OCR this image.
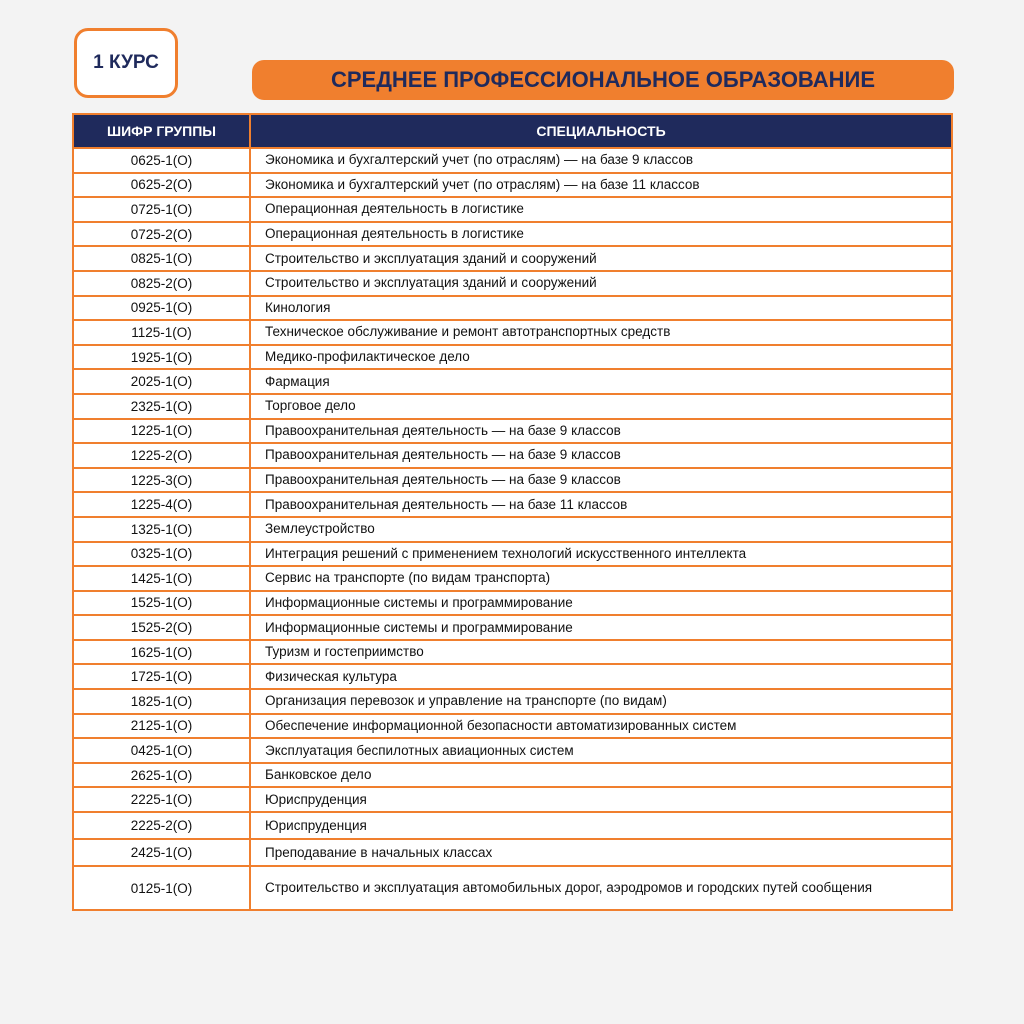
1 КУРС
СРЕДНЕЕ ПРОФЕССИОНАЛЬНОЕ ОБРАЗОВАНИЕ
ШИФР ГРУППЫ	СПЕЦИАЛЬНОСТЬ
0625-1(О)	Экономика и бухгалтерский учет (по отраслям) — на базе 9 классов
0625-2(О)	Экономика и бухгалтерский учет (по отраслям) — на базе 11 классов
0725-1(О)	Операционная деятельность в логистике
0725-2(О)	Операционная деятельность в логистике
0825-1(О)	Строительство и эксплуатация зданий и сооружений
0825-2(О)	Строительство и эксплуатация зданий и сооружений
0925-1(О)	Кинология
1125-1(О)	Техническое обслуживание и ремонт автотранспортных средств
1925-1(О)	Медико-профилактическое дело
2025-1(О)	Фармация
2325-1(О)	Торговое дело
1225-1(О)	Правоохранительная деятельность — на базе 9 классов
1225-2(О)	Правоохранительная деятельность — на базе 9 классов
1225-3(О)	Правоохранительная деятельность — на базе 9 классов
1225-4(О)	Правоохранительная деятельность — на базе 11 классов
1325-1(О)	Землеустройство
0325-1(О)	Интеграция решений с применением технологий искусственного интеллекта
1425-1(О)	Сервис на транспорте (по видам транспорта)
1525-1(О)	Информационные системы и программирование
1525-2(О)	Информационные системы и программирование
1625-1(О)	Туризм и гостеприимство
1725-1(О)	Физическая культура
1825-1(О)	Организация перевозок и управление на транспорте (по видам)
2125-1(О)	Обеспечение информационной безопасности автоматизированных систем
0425-1(О)	Эксплуатация беспилотных авиационных систем
2625-1(О)	Банковское дело
2225-1(О)	Юриспруденция
2225-2(О)	Юриспруденция
2425-1(О)	Преподавание в начальных классах
0125-1(О)	Строительство и эксплуатация автомобильных дорог, аэродромов и городских путей сообщения
